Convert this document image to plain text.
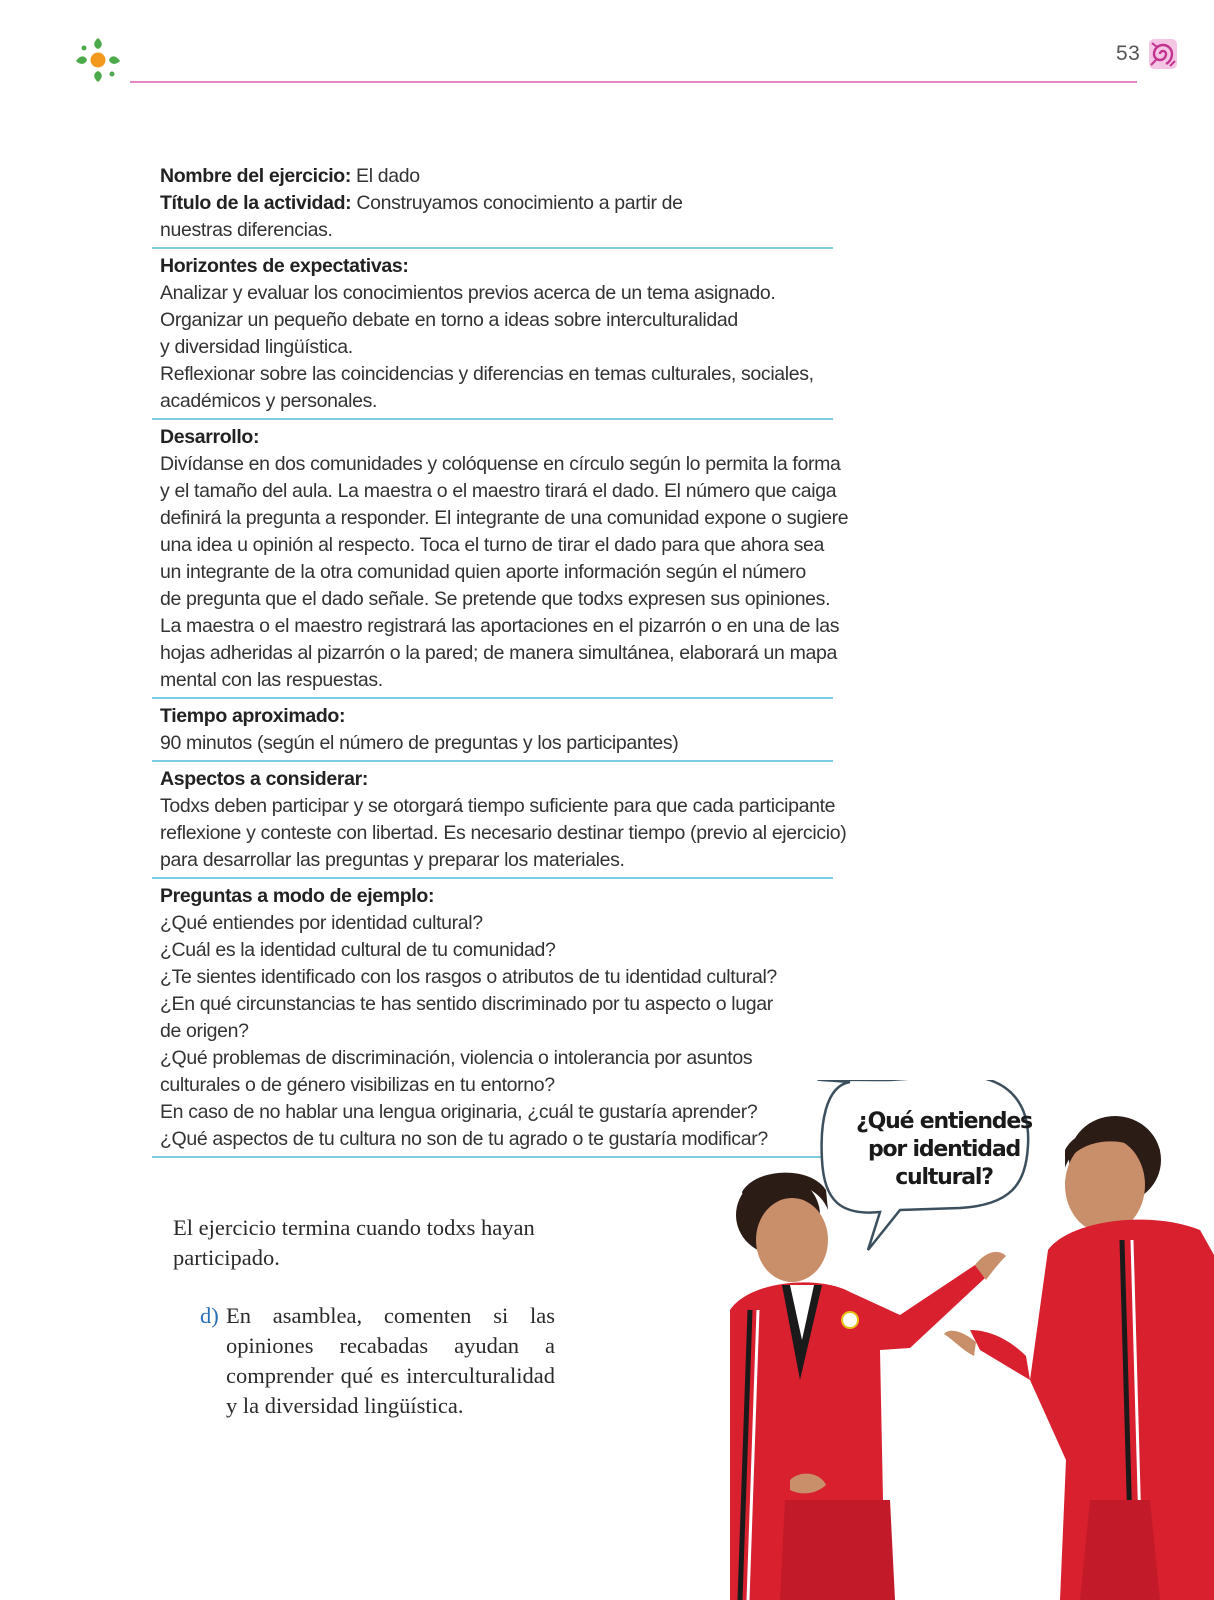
53
Nombre del ejercicio: El dado
Título de la actividad: Construyamos conocimiento a partir de
nuestras diferencias.
Horizontes de expectativas:
Analizar y evaluar los conocimientos previos acerca de un tema asignado.
Organizar un pequeño debate en torno a ideas sobre interculturalidad
y diversidad lingüística.
Reflexionar sobre las coincidencias y diferencias en temas culturales, sociales,
académicos y personales.
Desarrollo:
Divídanse en dos comunidades y colóquense en círculo según lo permita la forma
y el tamaño del aula. La maestra o el maestro tirará el dado. El número que caiga
definirá la pregunta a responder. El integrante de una comunidad expone o sugiere
una idea u opinión al respecto. Toca el turno de tirar el dado para que ahora sea
un integrante de la otra comunidad quien aporte información según el número
de pregunta que el dado señale. Se pretende que todxs expresen sus opiniones.
La maestra o el maestro registrará las aportaciones en el pizarrón o en una de las
hojas adheridas al pizarrón o la pared; de manera simultánea, elaborará un mapa
mental con las respuestas.
Tiempo aproximado:
90 minutos (según el número de preguntas y los participantes)
Aspectos a considerar:
Todxs deben participar y se otorgará tiempo suficiente para que cada participante
reflexione y conteste con libertad. Es necesario destinar tiempo (previo al ejercicio)
para desarrollar las preguntas y preparar los materiales.
Preguntas a modo de ejemplo:
¿Qué entiendes por identidad cultural?
¿Cuál es la identidad cultural de tu comunidad?
¿Te sientes identificado con los rasgos o atributos de tu identidad cultural?
¿En qué circunstancias te has sentido discriminado por tu aspecto o lugar
de origen?
¿Qué problemas de discriminación, violencia o intolerancia por asuntos
culturales o de género visibilizas en tu entorno?
En caso de no hablar una lengua originaria, ¿cuál te gustaría aprender?
¿Qué aspectos de tu cultura no son de tu agrado o te gustaría modificar?
El ejercicio termina cuando todxs hayan
participado.
d) En asamblea, comenten si las opiniones recabadas ayudan a comprender qué es interculturalidad y la diversidad lingüística.
¿Qué entiendes
por identidad
cultural?
